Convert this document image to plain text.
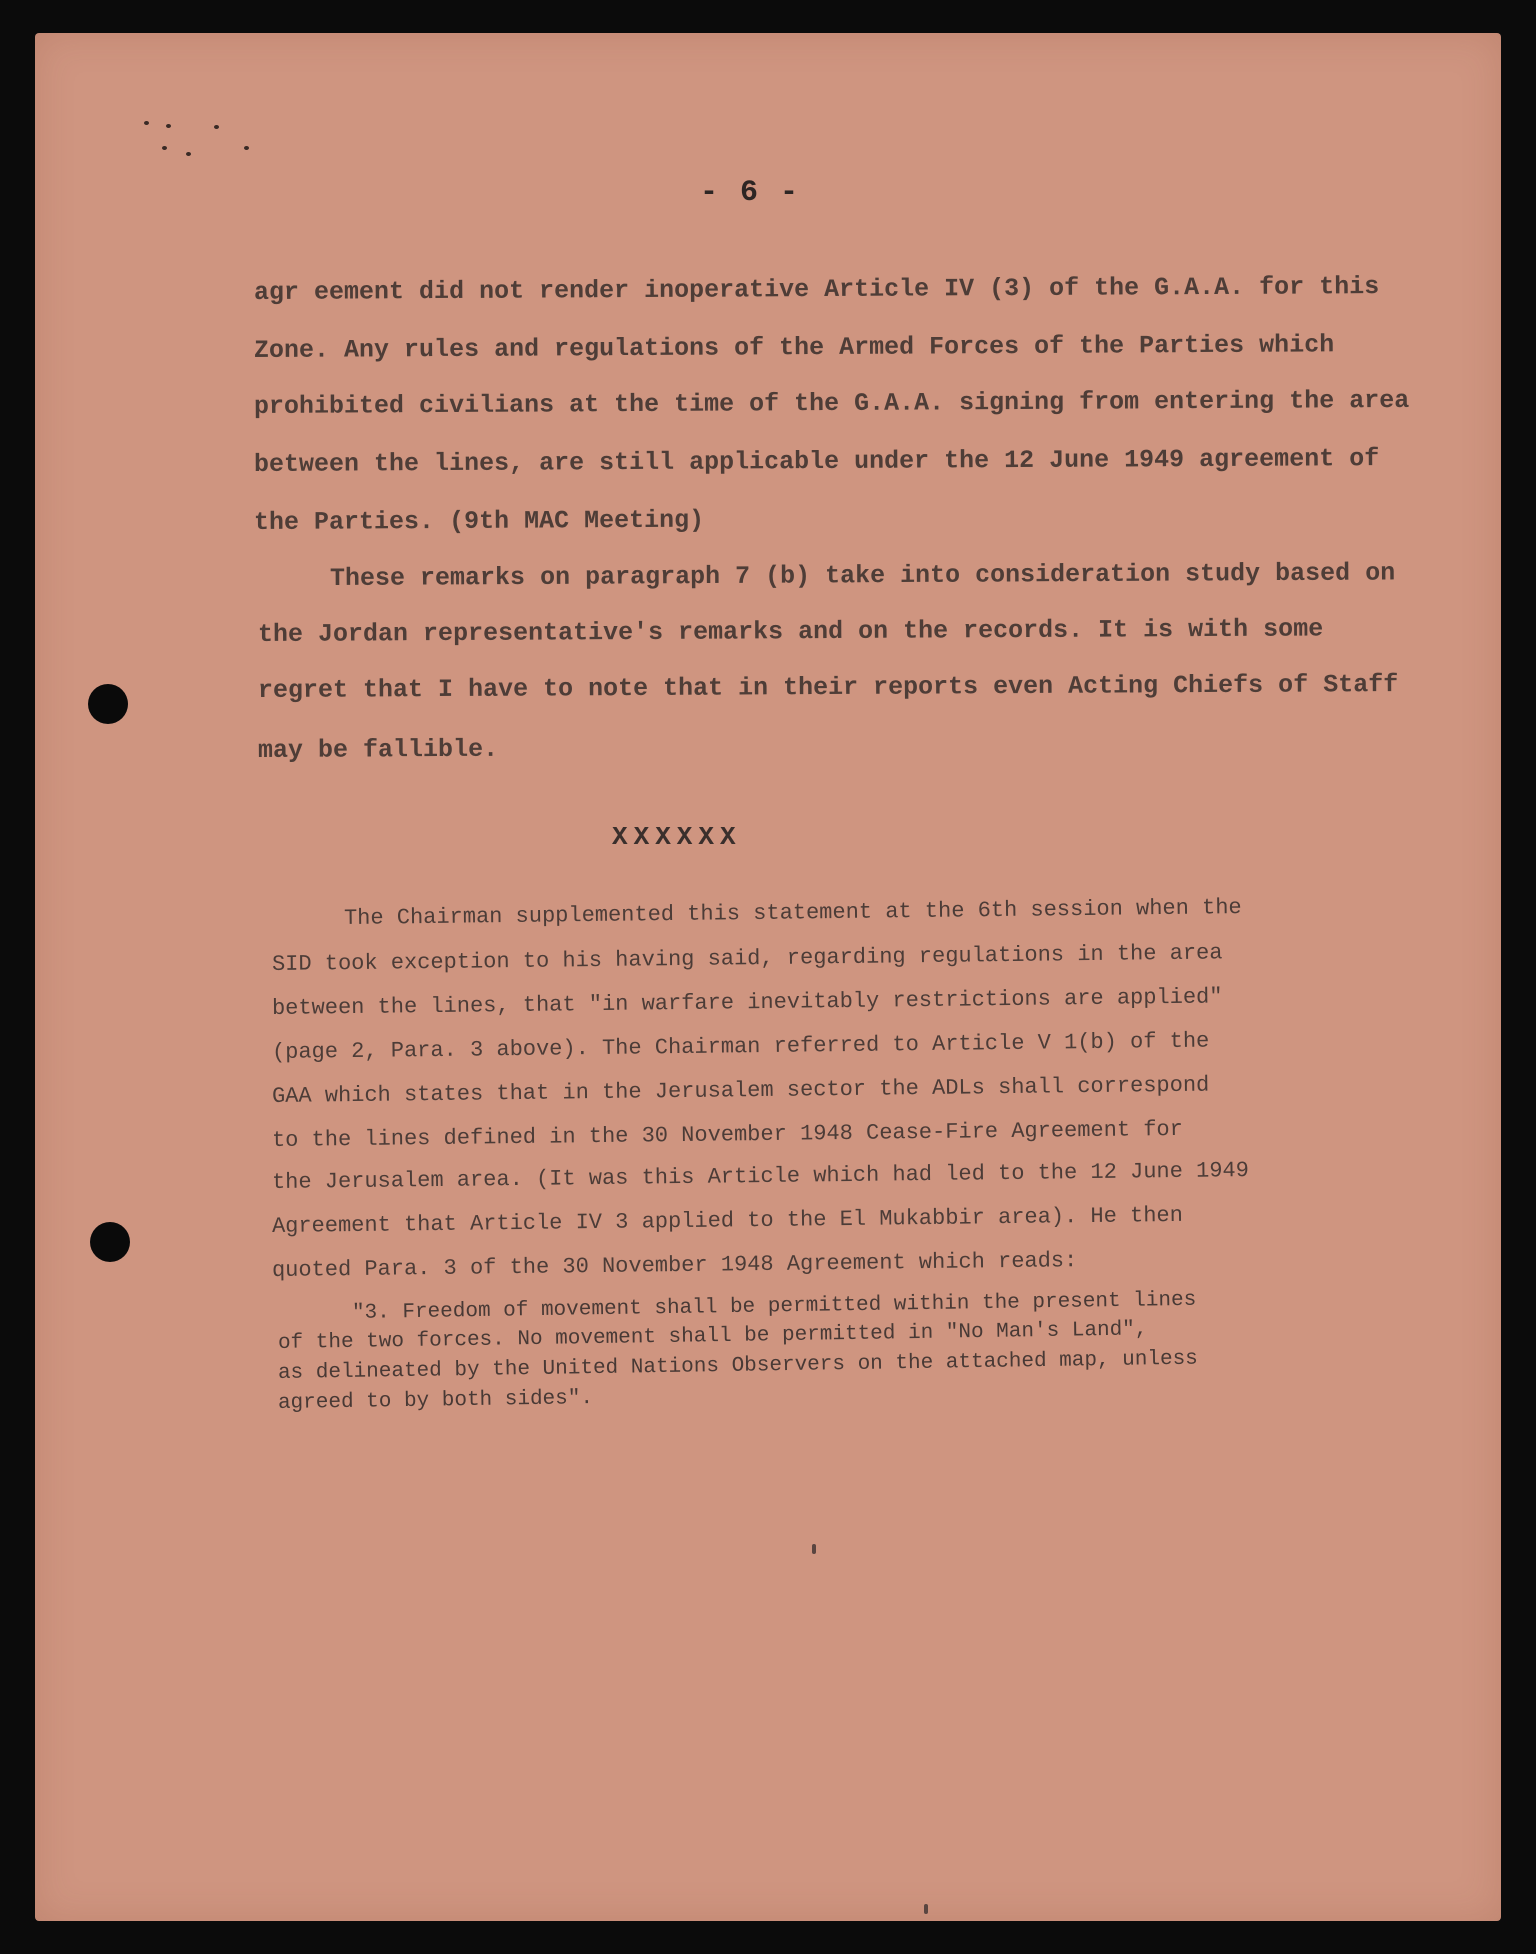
- 6 -

agr eement did not render inoperative Article IV (3) of the G.A.A. for this

Zone. Any rules and regulations of the Armed Forces of the Parties which

prohibited civilians at the time of the G.A.A. signing from entering the area

between the lines, are still applicable under the 12 June 1949 agreement of

the Parties. (9th MAC Meeting)

These remarks on paragraph 7 (b) take into consideration study based on

the Jordan representative's remarks and on the records. It is with some

regret that I have to note that in their reports even Acting Chiefs of Staff

may be fallible.

XXXXXX

The Chairman supplemented this statement at the 6th session when the

SID took exception to his having said, regarding regulations in the area

between the lines, that "in warfare inevitably restrictions are applied"

(page 2, Para. 3 above). The Chairman referred to Article V 1(b) of the

GAA which states that in the Jerusalem sector the ADLs shall correspond

to the lines defined in the 30 November 1948 Cease-Fire Agreement for

the Jerusalem area. (It was this Article which had led to the 12 June 1949

Agreement that Article IV 3 applied to the El Mukabbir area). He then

quoted Para. 3 of the 30 November 1948 Agreement which reads:

"3. Freedom of movement shall be permitted within the present lines

of the two forces. No movement shall be permitted in "No Man's Land",

as delineated by the United Nations Observers on the attached map, unless

agreed to by both sides".
